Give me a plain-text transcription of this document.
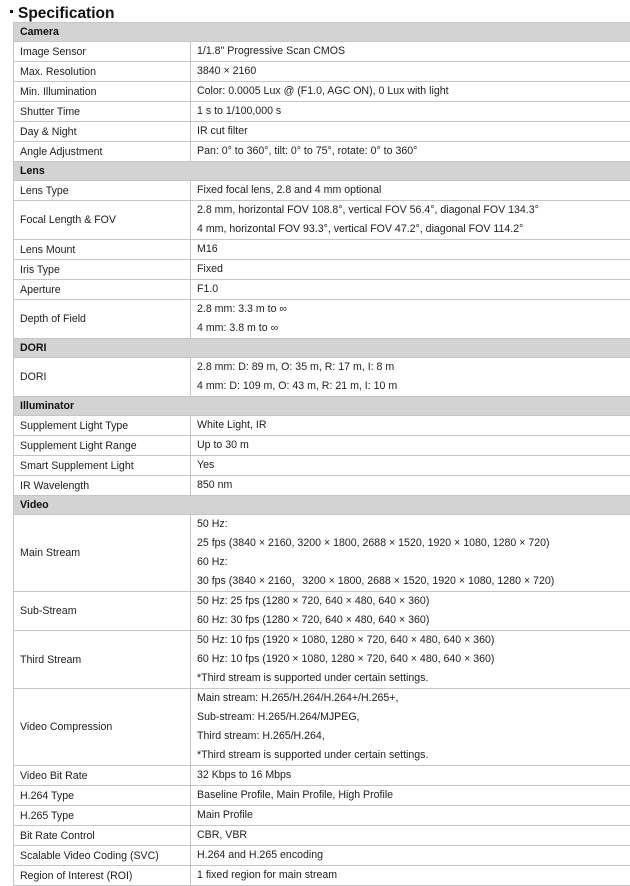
Specification
Camera	
Image Sensor	1/1.8" Progressive Scan CMOS

Max. Resolution	3840 × 2160

Min. Illumination	Color: 0.0005 Lux @ (F1.0, AGC ON), 0 Lux with light

Shutter Time	1 s to 1/100,000 s

Day & Night	IR cut filter

Angle Adjustment	Pan: 0° to 360°, tilt: 0° to 75°, rotate: 0° to 360°

Lens	
Lens Type	Fixed focal lens, 2.8 and 4 mm optional

Focal Length & FOV	2.8 mm, horizontal FOV 108.8°, vertical FOV 56.4°, diagonal FOV 134.3°
4 mm, horizontal FOV 93.3°, vertical FOV 47.2°, diagonal FOV 114.2°

Lens Mount	M16

Iris Type	Fixed

Aperture	F1.0

Depth of Field	2.8 mm: 3.3 m to ∞
4 mm: 3.8 m to ∞

DORI	
DORI	2.8 mm: D: 89 m, O: 35 m, R: 17 m, I: 8 m
4 mm: D: 109 m, O: 43 m, R: 21 m, I: 10 m

Illuminator	
Supplement Light Type	White Light, IR

Supplement Light Range	Up to 30 m

Smart Supplement Light	Yes

IR Wavelength	850 nm

Video	
Main Stream	50 Hz:
25 fps (3840 × 2160, 3200 × 1800, 2688 × 1520, 1920 × 1080, 1280 × 720)
60 Hz:
30 fps (3840 × 2160，3200 × 1800, 2688 × 1520, 1920 × 1080, 1280 × 720)

Sub-Stream	50 Hz: 25 fps (1280 × 720, 640 × 480, 640 × 360)
60 Hz: 30 fps (1280 × 720, 640 × 480, 640 × 360)

Third Stream	50 Hz: 10 fps (1920 × 1080, 1280 × 720, 640 × 480, 640 × 360)
60 Hz: 10 fps (1920 × 1080, 1280 × 720, 640 × 480, 640 × 360)
*Third stream is supported under certain settings.

Video Compression	Main stream: H.265/H.264/H.264+/H.265+,
Sub-stream: H.265/H.264/MJPEG,
Third stream: H.265/H.264,
*Third stream is supported under certain settings.

Video Bit Rate	32 Kbps to 16 Mbps

H.264 Type	Baseline Profile, Main Profile, High Profile

H.265 Type	Main Profile

Bit Rate Control	CBR, VBR

Scalable Video Coding (SVC)	H.264 and H.265 encoding

Region of Interest (ROI)	1 fixed region for main stream
